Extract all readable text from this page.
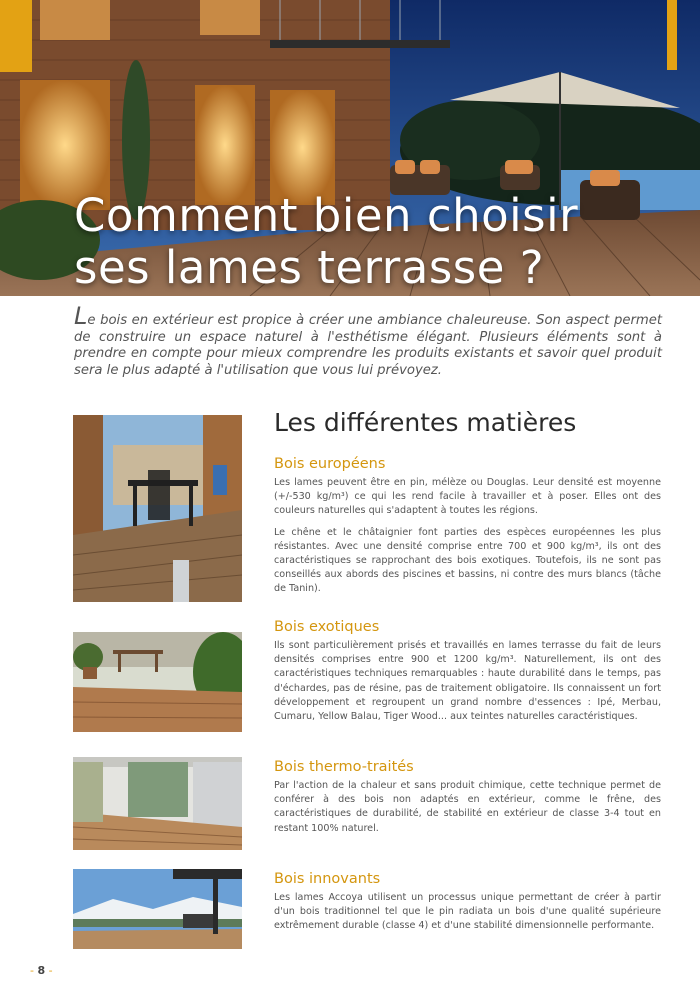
Comment bien choisir
ses lames terrasse ?

Le bois en extérieur est propice à créer une ambiance chaleureuse. Son aspect permet de construire un espace naturel à l'esthétisme élégant. Plusieurs éléments sont à prendre en compte pour mieux comprendre les produits existants et savoir quel produit sera le plus adapté à l'utilisation que vous lui prévoyez.

Les différentes matières
Bois européens

Les lames peuvent être en pin, mélèze ou Douglas. Leur densité est moyenne (+/-530 kg/m³) ce qui les rend facile à travailler et à poser. Elles ont des couleurs naturelles qui s'adaptent à toutes les régions.

Le chêne et le châtaignier font parties des espèces européennes les plus résistantes. Avec une densité comprise entre 700 et 900 kg/m³, ils ont des caractéristiques se rapprochant des bois exotiques. Toutefois, ils ne sont pas conseillés aux abords des piscines et bassins, ni contre des murs blancs (tâche de Tanin).

Bois exotiques

Ils sont particulièrement prisés et travaillés en lames terrasse du fait de leurs densités comprises entre 900 et 1200 kg/m³. Naturellement, ils ont des caractéristiques techniques remarquables : haute durabilité dans le temps, pas d'échardes, pas de résine, pas de traitement obligatoire. Ils connaissent un fort développement et regroupent un grand nombre d'essences : Ipé, Merbau, Cumaru, Yellow Balau, Tiger Wood... aux teintes naturelles caractéristiques.

Bois thermo-traités

Par l'action de la chaleur et sans produit chimique, cette technique permet de conférer à des bois non adaptés en extérieur, comme le frêne, des caractéristiques de durabilité, de stabilité en extérieur de classe 3-4 tout en restant 100% naturel.

Bois innovants

Les lames Accoya utilisent un processus unique permettant de créer à partir d'un bois traditionnel tel que le pin radiata un bois d'une qualité supérieure extrêmement durable (classe 4) et d'une stabilité dimensionnelle performante.

- 8 -
